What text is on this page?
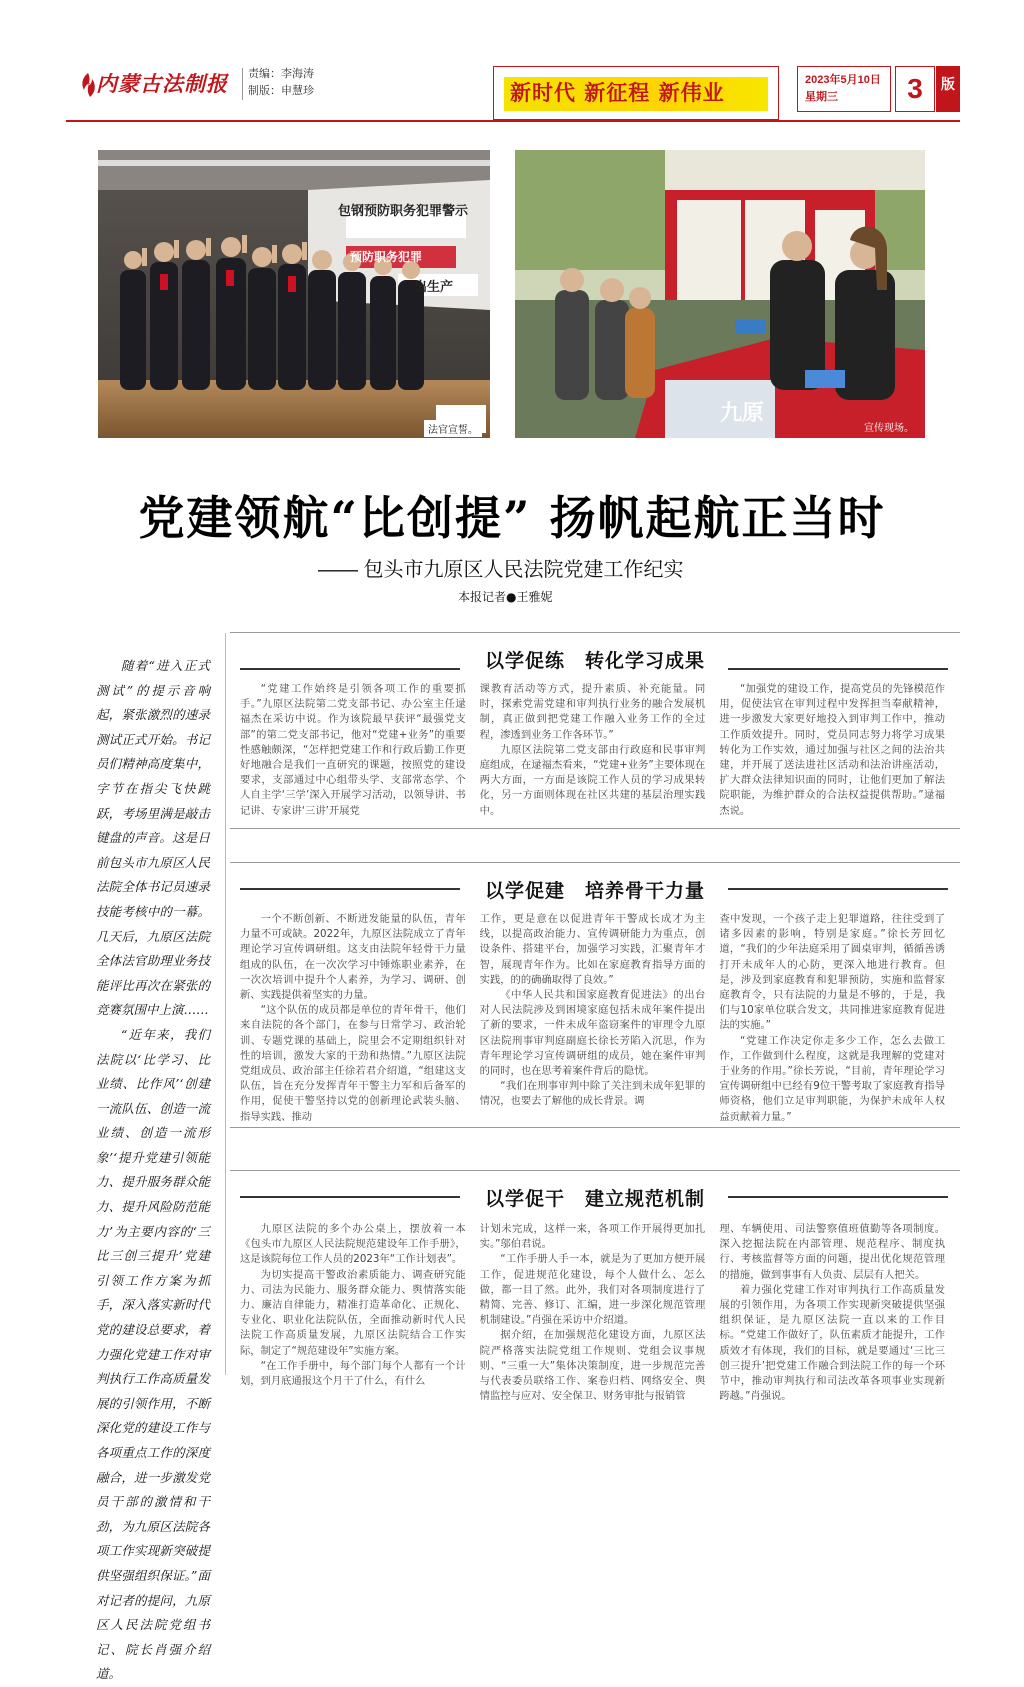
内蒙古法制报 责编：李海涛
制版：申慧珍	新时代 新征程 新伟业
2023年5月10日
星期三	3	版
包钢预防职务犯罪警示
预防职务犯罪
出生产
法官宣誓。
九原
宣传现场。
党建领航“比创提” 扬帆起航正当时
—— 包头市九原区人民法院党建工作纪实
本报记者●王雅妮

随着“进入正式测试”的提示音响起，紧张激烈的速录测试正式开始。书记员们精神高度集中，字节在指尖飞快跳跃，考场里满是敲击键盘的声音。这是日前包头市九原区人民法院全体书记员速录技能考核中的一幕。几天后，九原区法院全体法官助理业务技能评比再次在紧张的竞赛氛围中上演……

“近年来，我们法院以‘比学习、比业绩、比作风’‘创建一流队伍、创造一流业绩、创造一流形象’‘提升党建引领能力、提升服务群众能力、提升风险防范能力’为主要内容的‘三比三创三提升’党建引领工作方案为抓手，深入落实新时代党的建设总要求，着力强化党建工作对审判执行工作高质量发展的引领作用，不断深化党的建设工作与各项重点工作的深度融合，进一步激发党员干部的激情和干劲，为九原区法院各项工作实现新突破提供坚强组织保证。”面对记者的提问，九原区人民法院党组书记、院长肖强介绍道。

以学促练　转化学习成果

“党建工作始终是引领各项工作的重要抓手。”九原区法院第二党支部书记、办公室主任逯福杰在采访中说。作为该院最早获评“最强党支部”的第二党支部书记，他对“党建+业务”的重要性感触颇深，“怎样把党建工作和行政后勤工作更好地融合是我们一直研究的课题，按照党的建设要求，支部通过中心组带头学、支部常态学、个人自主学‘三学’深入开展学习活动，以领导讲、书记讲、专家讲‘三讲’开展党

课教育活动等方式，提升素质、补充能量。同时，探索党需党建和审判执行业务的融合发展机制，真正做到把党建工作融入业务工作的全过程，渗透到业务工作各环节。”

九原区法院第二党支部由行政庭和民事审判庭组成，在逯福杰看来，“党建+业务”主要体现在两大方面，一方面是该院工作人员的学习成果转化，另一方面则体现在社区共建的基层治理实践中。

“加强党的建设工作，提高党员的先锋模范作用，促使法官在审判过程中发挥担当奉献精神，进一步激发大家更好地投入到审判工作中，推动工作质效提升。同时，党员同志努力将学习成果转化为工作实效，通过加强与社区之间的法治共建，并开展了送法进社区活动和法治讲座活动，扩大群众法律知识面的同时，让他们更加了解法院职能，为维护群众的合法权益提供帮助。”逯福杰说。

以学促建　培养骨干力量

一个不断创新、不断迸发能量的队伍，青年力量不可或缺。2022年，九原区法院成立了青年理论学习宣传调研组。这支由法院年轻骨干力量组成的队伍，在一次次学习中锤炼职业素养，在一次次培训中提升个人素养，为学习、调研、创新、实践提供着坚实的力量。

“这个队伍的成员都是单位的青年骨干，他们来自法院的各个部门，在参与日常学习、政治轮训、专题党课的基础上，院里会不定期组织针对性的培训，激发大家的干劲和热情。”九原区法院党组成员、政治部主任徐若君介绍道，“组建这支队伍，旨在充分发挥青年干警主力军和后备军的作用，促使干警坚持以党的创新理论武装头脑、指导实践、推动

工作，更是意在以促进青年干警成长成才为主线，以提高政治能力、宣传调研能力为重点，创设条件、搭建平台，加强学习实践，汇聚青年才智，展现青年作为。比如在家庭教育指导方面的实践，的的确确取得了良效。”

《中华人民共和国家庭教育促进法》的出台对人民法院涉及到困境家庭包括未成年案件提出了新的要求，一件未成年盗窃案件的审理令九原区法院刑事审判庭副庭长徐长芳陷入沉思，作为青年理论学习宣传调研组的成员，她在案件审判的同时，也在思考着案件背后的隐忧。

“我们在刑事审判中除了关注到未成年犯罪的情况，也要去了解他的成长背景。调

查中发现，一个孩子走上犯罪道路，往往受到了诸多因素的影响，特别是家庭。”徐长芳回忆道，“我们的少年法庭采用了圆桌审判，循循善诱打开未成年人的心防，更深入地进行教育。但是，涉及到家庭教育和犯罪预防，实施和监督家庭教育令，只有法院的力量是不够的，于是，我们与10家单位联合发文，共同推进家庭教育促进法的实施。”

“党建工作决定你走多少工作，怎么去做工作，工作做到什么程度，这就是我理解的党建对于业务的作用。”徐长芳说，“目前，青年理论学习宣传调研组中已经有9位干警考取了家庭教育指导师资格，他们立足审判职能，为保护未成年人权益贡献着力量。”

以学促干　建立规范机制

九原区法院的多个办公桌上，摆放着一本《包头市九原区人民法院规范建设年工作手册》，这是该院每位工作人员的2023年“工作计划表”。

为切实提高干警政治素质能力、调查研究能力、司法为民能力、服务群众能力、舆情落实能力、廉洁自律能力，精准打造革命化、正规化、专业化、职业化法院队伍，全面推动新时代人民法院工作高质量发展，九原区法院结合工作实际，制定了“规范建设年”实施方案。

“在工作手册中，每个部门每个人都有一个计划，到月底通报这个月干了什么，有什么

计划未完成，这样一来，各项工作开展得更加扎实。”邬伯君说。

“工作手册人手一本，就是为了更加方便开展工作，促进规范化建设，每个人做什么、怎么做，都一目了然。此外，我们对各项制度进行了精简、完善、修订、汇编，进一步深化规范管理机制建设。”肖强在采访中介绍道。

据介绍，在加强规范化建设方面，九原区法院严格落实法院党组工作规则、党组会议事规则、“三重一大”集体决策制度，进一步规范完善与代表委员联络工作、案卷归档、网络安全、舆情监控与应对、安全保卫、财务审批与报销管

理、车辆使用、司法警察值班值勤等各项制度。深入挖掘法院在内部管理、规范程序、制度执行、考核监督等方面的问题，提出优化规范管理的措施，做到事事有人负责、层层有人把关。

着力强化党建工作对审判执行工作高质量发展的引领作用，为各项工作实现新突破提供坚强组织保证，是九原区法院一直以来的工作目标。“党建工作做好了，队伍素质才能提升，工作质效才有体现，我们的目标，就是要通过‘三比三创三提升’把党建工作融合到法院工作的每一个环节中，推动审判执行和司法改革各项事业实现新跨越。”肖强说。
